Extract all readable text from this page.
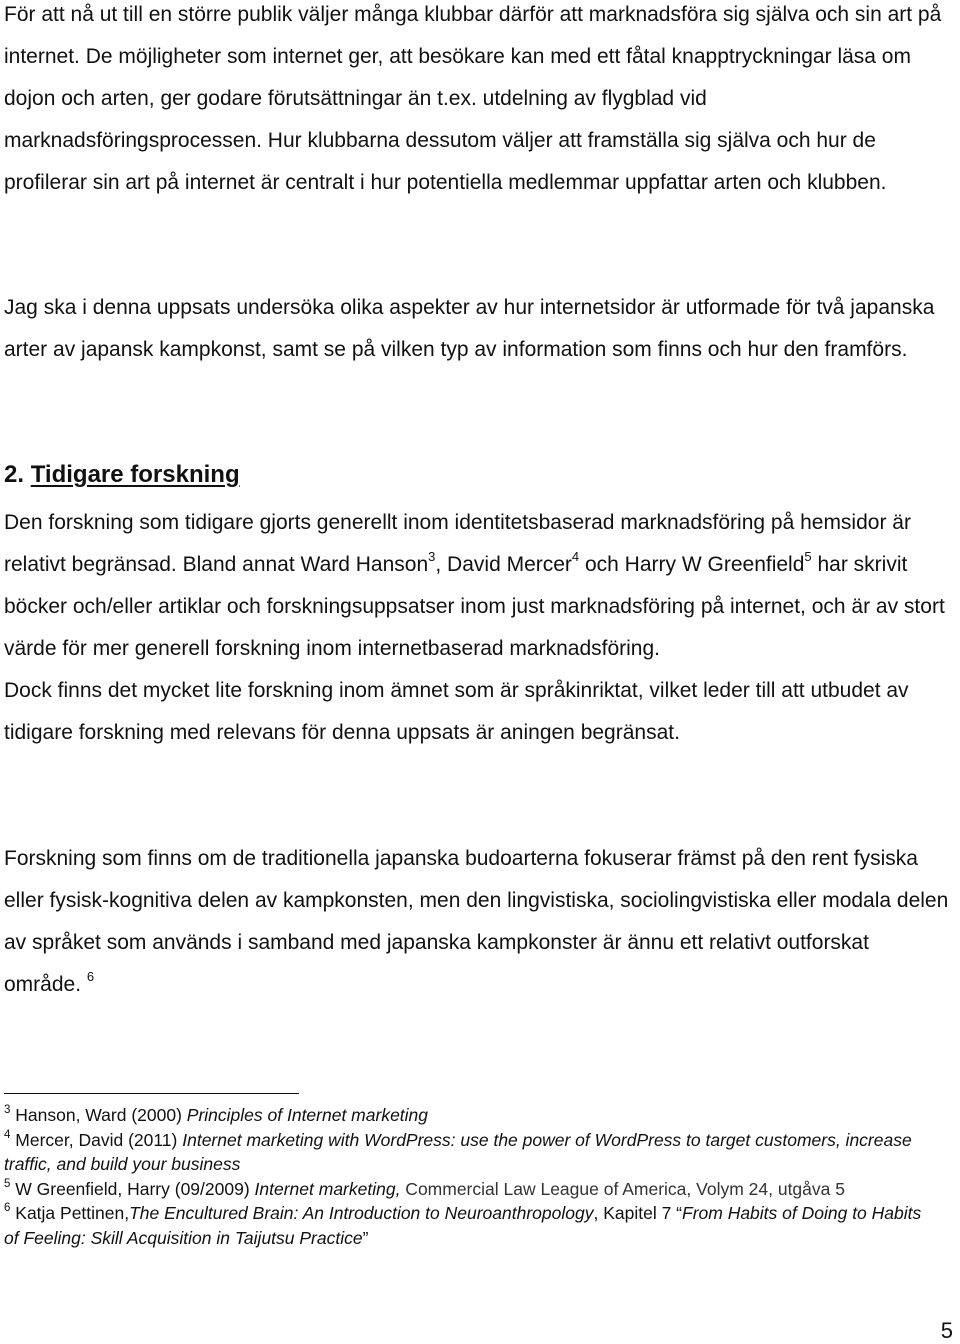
För att nå ut till en större publik väljer många klubbar därför att marknadsföra sig själva och sin art på internet. De möjligheter som internet ger, att besökare kan med ett fåtal knapptryckningar läsa om dojon och arten, ger godare förutsättningar än t.ex. utdelning av flygblad vid marknadsföringsprocessen. Hur klubbarna dessutom väljer att framställa sig själva och hur de profilerar sin art på internet är centralt i hur potentiella medlemmar uppfattar arten och klubben.

Jag ska i denna uppsats undersöka olika aspekter av hur internetsidor är utformade för två japanska arter av japansk kampkonst, samt se på vilken typ av information som finns och hur den framförs.

2. Tidigare forskning

Den forskning som tidigare gjorts generellt inom identitetsbaserad marknadsföring på hemsidor är relativt begränsad. Bland annat Ward Hanson$^3$, David Mercer$^4$ och Harry W Greenfield$^5$ har skrivit böcker och/eller artiklar och forskningsuppsatser inom just marknadsföring på internet, och är av stort värde för mer generell forskning inom internetbaserad marknadsföring.
Dock finns det mycket lite forskning inom ämnet som är språkinriktat, vilket leder till att utbudet av tidigare forskning med relevans för denna uppsats är aningen begränsat.

Forskning som finns om de traditionella japanska budoarterna fokuserar främst på den rent fysiska eller fysisk-kognitiva delen av kampkonsten, men den lingvistiska, sociolingvistiska eller modala delen av språket som används i samband med japanska kampkonster är ännu ett relativt outforskat område. $^6$

$^3$ Hanson, Ward (2000) Principles of Internet marketing

$^4$ Mercer, David (2011) Internet marketing with WordPress: use the power of WordPress to target customers, increase traffic, and build your business

$^5$ W Greenfield, Harry (09/2009) Internet marketing, Commercial Law League of America, Volym 24, utgåva 5

$^6$ Katja Pettinen,The Encultured Brain: An Introduction to Neuroanthropology, Kapitel 7 “From Habits of Doing to Habits of Feeling: Skill Acquisition in Taijutsu Practice”

5
